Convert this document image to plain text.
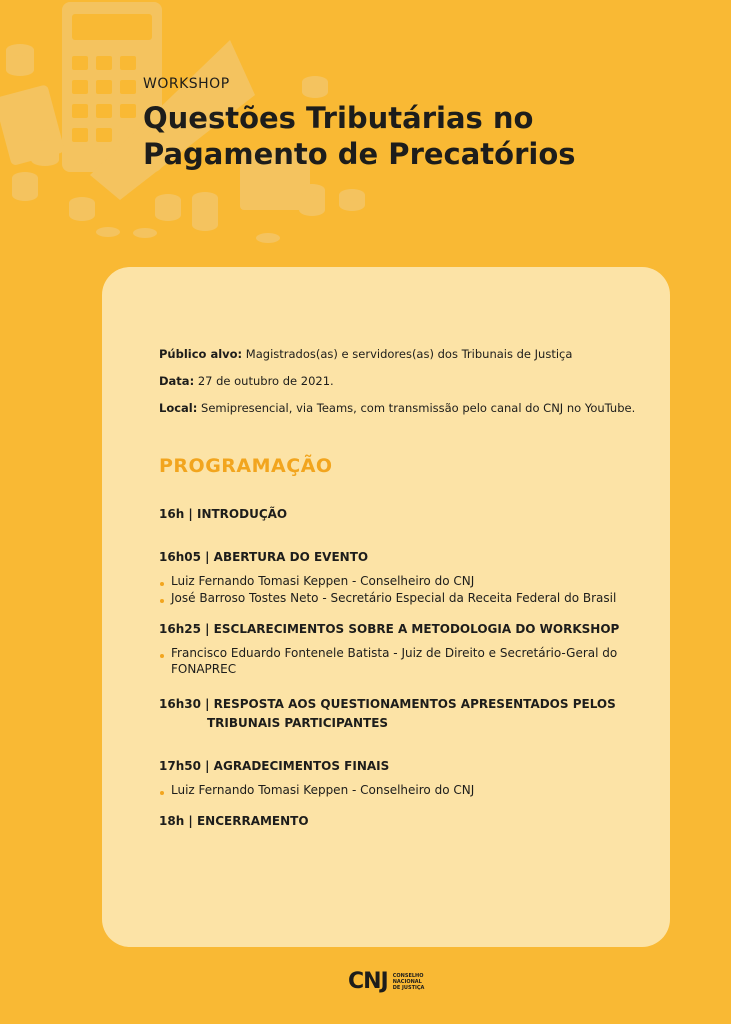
WORKSHOP
Questões Tributárias no
Pagamento de Precatórios

Público alvo: Magistrados(as) e servidores(as) dos Tribunais de Justiça

Data: 27 de outubro de 2021.

Local: Semipresencial, via Teams, com transmissão pelo canal do CNJ no YouTube.

PROGRAMAÇÃO

16h | INTRODUÇÃO

16h05 | ABERTURA DO EVENTO

Luiz Fernando Tomasi Keppen - Conselheiro do CNJ
José Barroso Tostes Neto - Secretário Especial da Receita Federal do Brasil

16h25 | ESCLARECIMENTOS SOBRE A METODOLOGIA DO WORKSHOP

Francisco Eduardo Fontenele Batista - Juiz de Direito e Secretário-Geral do FONAPREC

16h30 | RESPOSTA AOS QUESTIONAMENTOS APRESENTADOS PELOS
TRIBUNAIS PARTICIPANTES

17h50 | AGRADECIMENTOS FINAIS

Luiz Fernando Tomasi Keppen - Conselheiro do CNJ

18h | ENCERRAMENTO

CNJ CONSELHO
NACIONAL
DE JUSTIÇA
